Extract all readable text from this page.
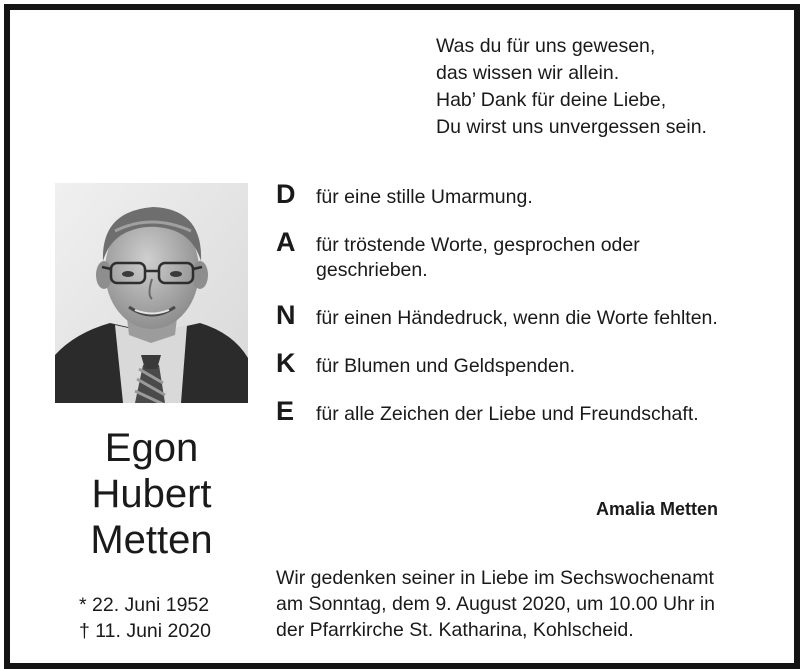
Was du für uns gewesen,
das wissen wir allein.
Hab’ Dank für deine Liebe,
Du wirst uns unvergessen sein.
D für eine stille Umarmung.
A für tröstende Worte, gesprochen oder geschrieben.
N für einen Händedruck, wenn die Worte fehlten.
K für Blumen und Geldspenden.
E für alle Zeichen der Liebe und Freundschaft.
Egon
Hubert
Metten
* 22. Juni 1952
† 11. Juni 2020
Amalia Metten
Wir gedenken seiner in Liebe im Sechswochenamt
am Sonntag, dem 9. August 2020, um 10.00 Uhr in
der Pfarrkirche St. Katharina, Kohlscheid.
